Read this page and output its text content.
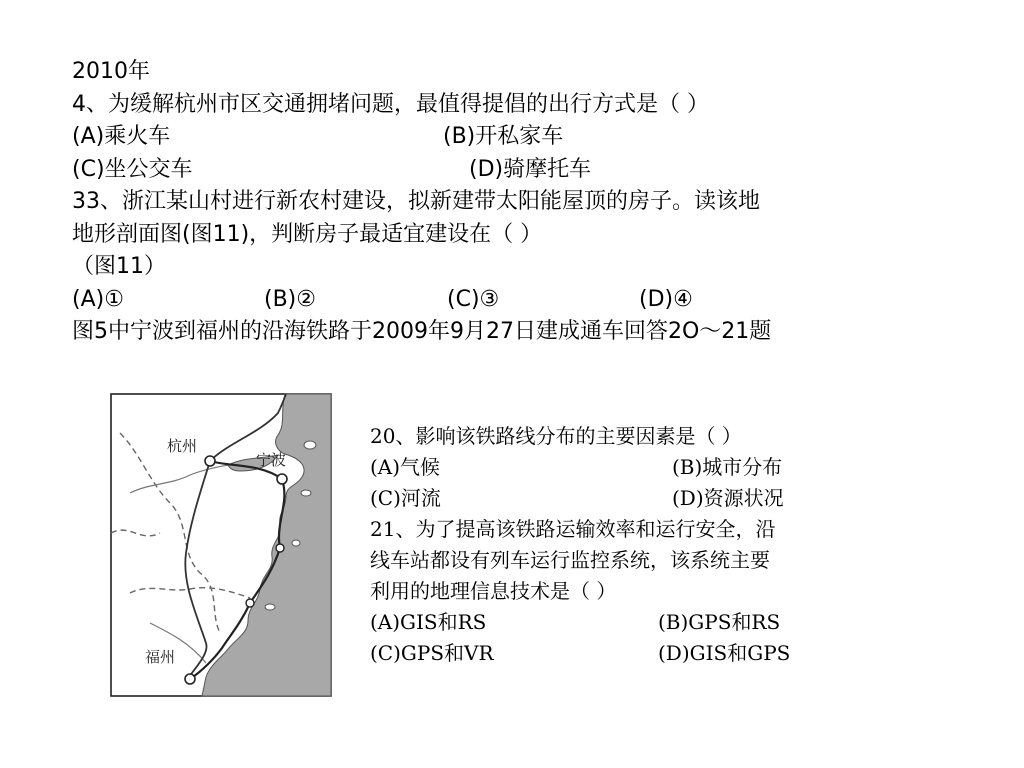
2010年
4、为缓解杭州市区交通拥堵问题，最值得提倡的出行方式是（ ）
(A)乘火车	(B)开私家车
(C)坐公交车	(D)骑摩托车
33、浙江某山村进行新农村建设，拟新建带太阳能屋顶的房子。读该地
地形剖面图(图11)，判断房子最适宜建设在（ ）
（图11）
(A)①	(B)②	(C)③	(D)④
图5中宁波到福州的沿海铁路于2009年9月27日建成通车回答2O～21题
杭州
宁波
福州
20、影响该铁路线分布的主要因素是（ ）
(A)气候	(B)城市分布
(C)河流	(D)资源状况
21、为了提高该铁路运输效率和运行安全，沿
线车站都设有列车运行监控系统，该系统主要
利用的地理信息技术是（ ）
(A)GIS和RS	(B)GPS和RS
(C)GPS和VR	(D)GIS和GPS
